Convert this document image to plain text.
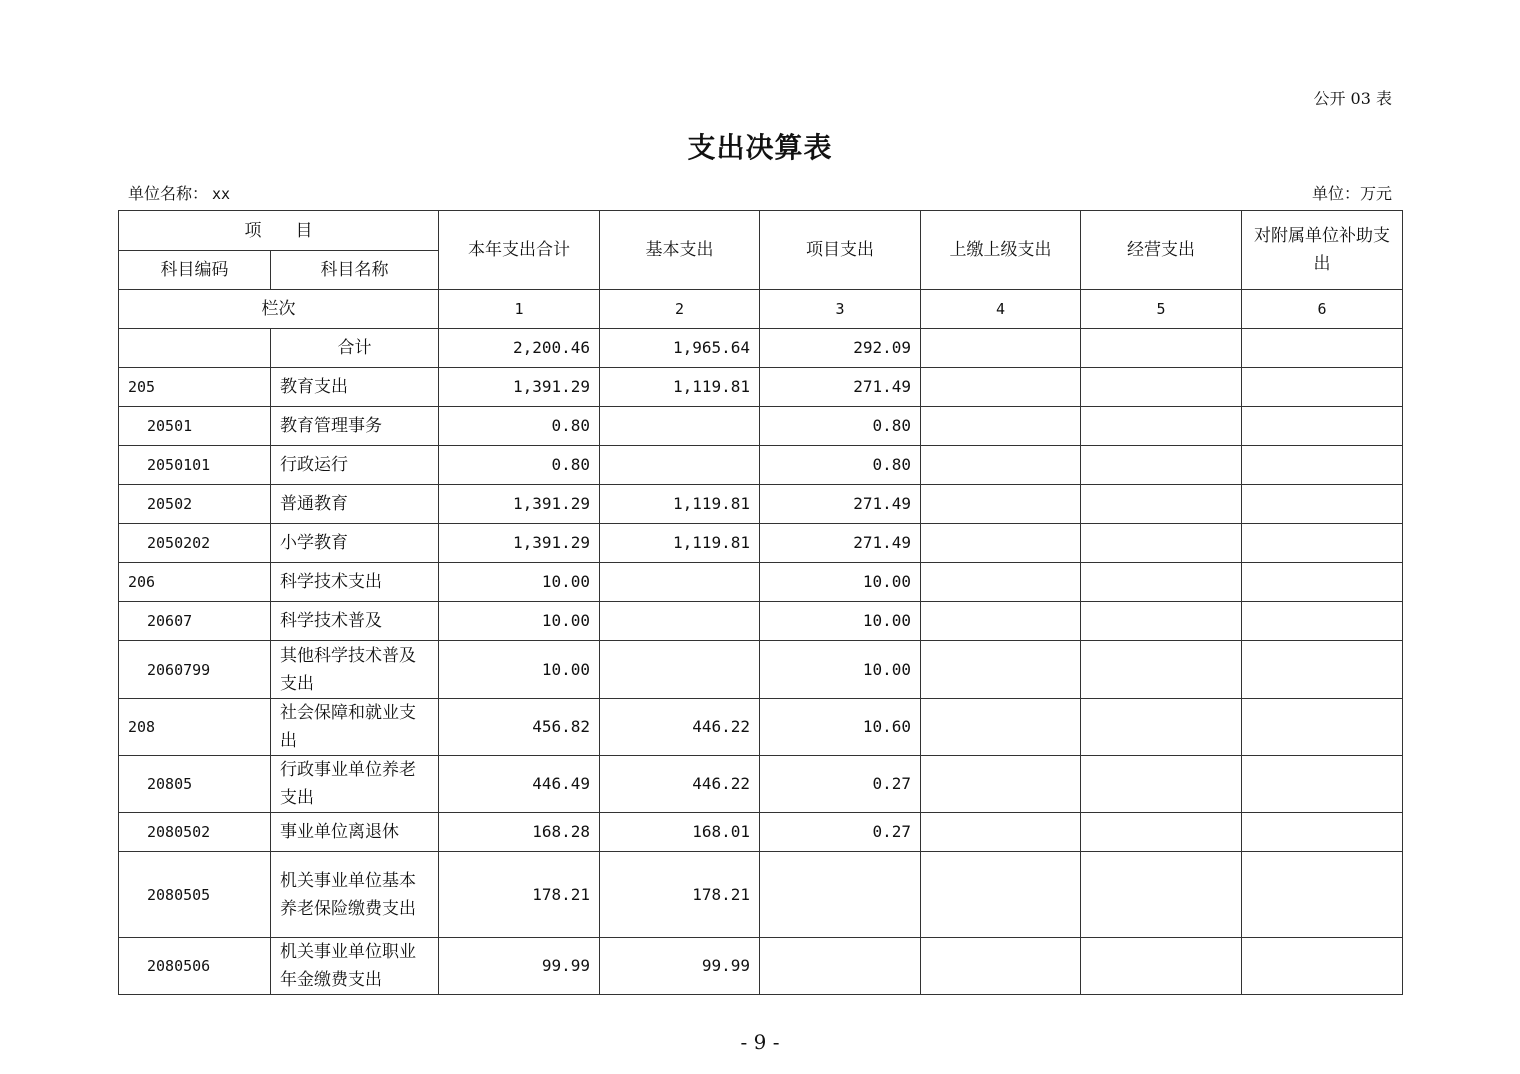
公开 03 表
支出决算表
单位名称： xx	单位：万元
项　　目		本年支出合计	基本支出	项目支出	上缴上级支出	经营支出	对附属单位补助支出
科目编码	科目名称						
栏次		1	2	3	4	5	6
	合计	2,200.46	1,965.64	292.09			
205	教育支出	1,391.29	1,119.81	271.49			
20501	教育管理事务	0.80		0.80			
2050101	行政运行	0.80		0.80			
20502	普通教育	1,391.29	1,119.81	271.49			
2050202	小学教育	1,391.29	1,119.81	271.49			
206	科学技术支出	10.00		10.00			
20607	科学技术普及	10.00		10.00			
2060799	其他科学技术普及支出	10.00		10.00			
208	社会保障和就业支出	456.82	446.22	10.60			
20805	行政事业单位养老支出	446.49	446.22	0.27			
2080502	事业单位离退休	168.28	168.01	0.27			
2080505	机关事业单位基本养老保险缴费支出	178.21	178.21				
2080506	机关事业单位职业年金缴费支出	99.99	99.99				
- 9 -
